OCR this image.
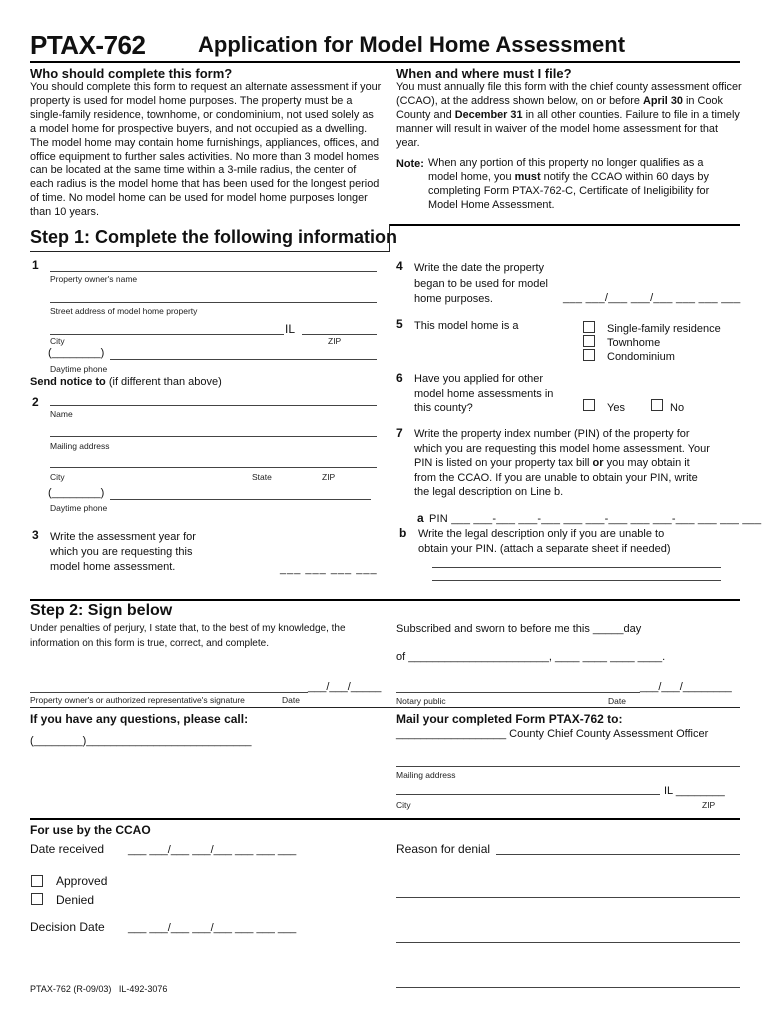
PTAX-762 Application for Model Home Assessment
Who should complete this form?
You should complete this form to request an alternate assessment if your property is used for model home purposes. The property must be a single-family residence, townhome, or condominium, not used solely as a model home for prospective buyers, and not occupied as a dwelling. The model home may contain home furnishings, appliances, offices, and office equipment to further sales activities. No more than 3 model homes can be located at the same time within a 3-mile radius, the center of each radius is the model home that has been used for the longest period of time. No model home can be used for model home purposes longer than 10 years.
When and where must I file?
You must annually file this form with the chief county assessment officer (CCAO), at the address shown below, on or before April 30 in Cook County and December 31 in all other counties. Failure to file in a timely manner will result in waiver of the model home assessment for that year.
Note: When any portion of this property no longer qualifies as a model home, you must notify the CCAO within 60 days by completing Form PTAX-762-C, Certificate of Ineligibility for Model Home Assessment.
Step 1: Complete the following information
1
Property owner's name
Street address of model home property
IL
City	ZIP
(________)
Daytime phone
Send notice to (if different than above)
2
Name
Mailing address
City	State	ZIP
(________)
Daytime phone
3 Write the assessment year for which you are requesting this model home assessment.	___ ___ ___ ___
4 Write the date the property began to be used for model home purposes.	___ ___/___ ___/___ ___ ___ ___
5 This model home is a	Single-family residence
Townhome
Condominium
6 Have you applied for other model home assessments in this county?	Yes	No
7 Write the property index number (PIN) of the property for which you are requesting this model home assessment. Your PIN is listed on your property tax bill or you may obtain it from the CCAO. If you are unable to obtain your PIN, write the legal description on Line b.
a PIN ___ ___-___ ___-___ ___ ___-___ ___ ___-___ ___ ___ ___
b Write the legal description only if you are unable to obtain your PIN. (attach a separate sheet if needed)
Step 2: Sign below
Under penalties of perjury, I state that, to the best of my knowledge, the information on this form is true, correct, and complete.
Subscribed and sworn to before me this _____day
of _______________________, ____ ____ ____ ____.
___/___/_____
Property owner's or authorized representative's signature	Date
___/___/________
Notary public	Date
If you have any questions, please call:
(________)___________________________
Mail your completed Form PTAX-762 to:
__________________ County Chief County Assessment Officer
Mailing address
IL ________
City	ZIP
For use by the CCAO
Date received ___ ___/___ ___/___ ___ ___ ___
Approved
Denied
Decision Date ___ ___/___ ___/___ ___ ___ ___
Reason for denial
PTAX-762 (R-09/03)   IL-492-3076
